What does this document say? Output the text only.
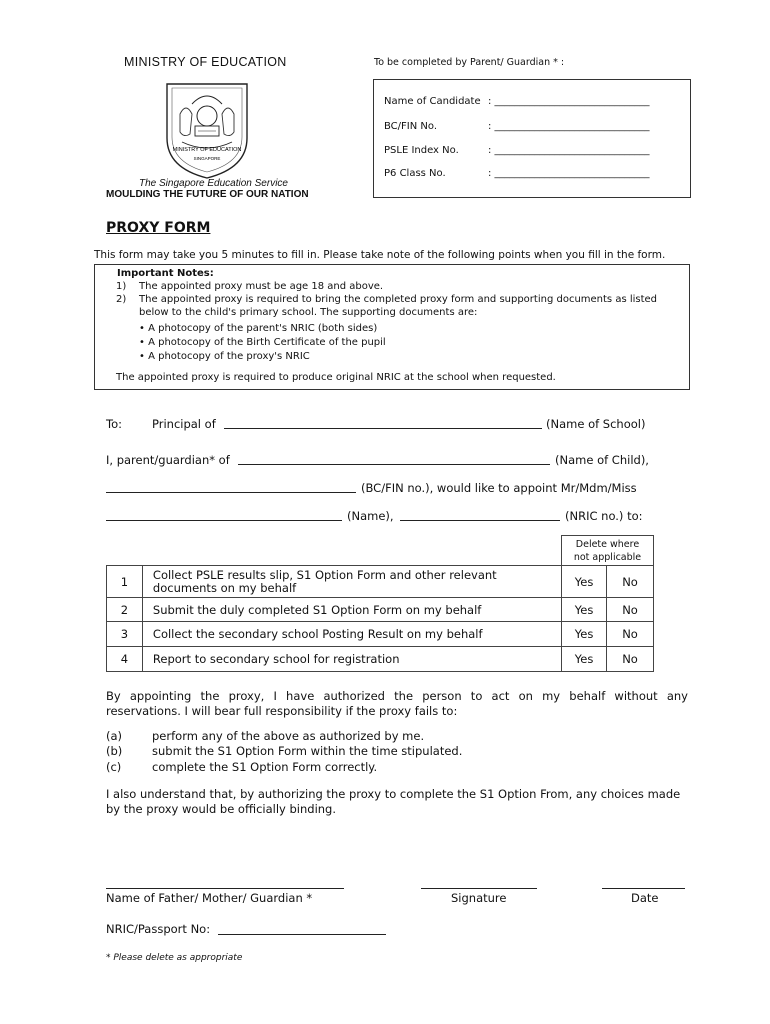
MINISTRY OF EDUCATION
MINISTRY OF EDUCATION
SINGAPORE
The Singapore Education Service
MOULDING THE FUTURE OF OUR NATION
To be completed by Parent/ Guardian * :
Name of Candidate : _______________________________
BC/FIN No.	: _______________________________
PSLE Index No.	: _______________________________
P6 Class No.	: _______________________________
PROXY FORM
This form may take you 5 minutes to fill in. Please take note of the following points when you fill in the form.
Important Notes:
1) The appointed proxy must be age 18 and above.
2) The appointed proxy is required to bring the completed proxy form and supporting documents as listed
below to the child's primary school. The supporting documents are:
• A photocopy of the parent's NRIC (both sides)
• A photocopy of the Birth Certificate of the pupil
• A photocopy of the proxy's NRIC
The appointed proxy is required to produce original NRIC at the school when requested.
To:	Principal of	(Name of School)
I, parent/guardian* of	(Name of Child),
(BC/FIN no.), would like to appoint Mr/Mdm/Miss
(Name),	(NRIC no.) to:
Delete where
not applicable
1	Collect PSLE results slip, S1 Option Form and other relevant
documents on my behalf	Yes	No
2	Submit the duly completed S1 Option Form on my behalf	Yes	No
3	Collect the secondary school Posting Result on my behalf	Yes	No
4	Report to secondary school for registration	Yes	No
By appointing the proxy, I have authorized the person to act on my behalf without any
reservations. I will bear full responsibility if the proxy fails to:
(a)	perform any of the above as authorized by me.
(b)	submit the S1 Option Form within the time stipulated.
(c)	complete the S1 Option Form correctly.
I also understand that, by authorizing the proxy to complete the S1 Option From, any choices made
by the proxy would be officially binding.
Name of Father/ Mother/ Guardian *	Signature	Date
NRIC/Passport No:
* Please delete as appropriate
